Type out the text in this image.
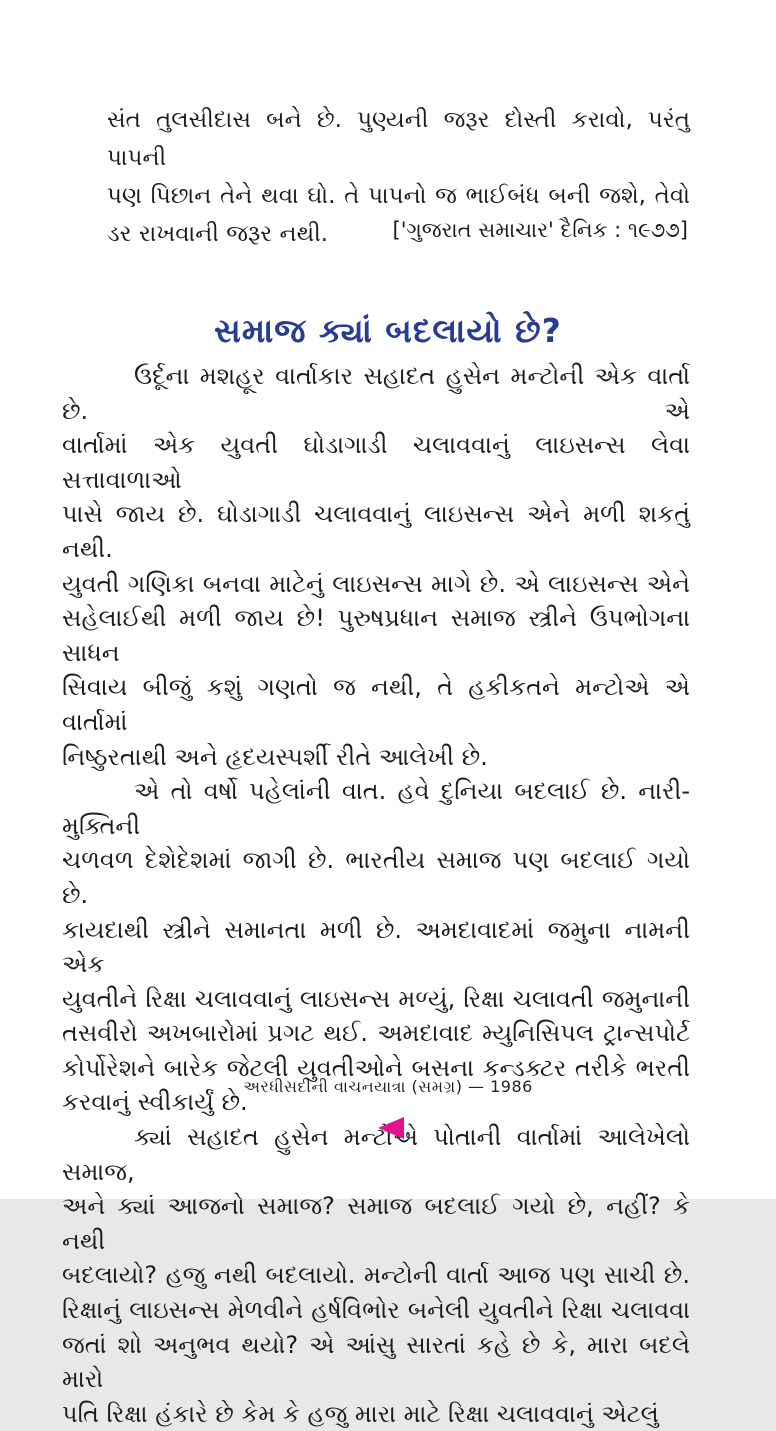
સંત તુલસીદાસ બને છે. પુણ્યની જરૂર દોસ્તી કરાવો, પરંતુ પાપની
પણ પિછાન તેને થવા ઘો. તે પાપનો જ ભાઈબંધ બની જશે, તેવો
ડર રાખવાની જરૂર નથી.	['ગુજરાત સમાચાર' દૈનિક : ૧૯૭૭]
સમાજ ક્યાં બદલાયો છે?
ઉર્દૂના મશહૂર વાર્તાકાર સહાદત હુસેન મન્ટોની એક વાર્તા છે. એ
વાર્તામાં એક યુવતી ઘોડાગાડી ચલાવવાનું લાઇસન્સ લેવા સત્તાવાળાઓ
પાસે જાય છે. ઘોડાગાડી ચલાવવાનું લાઇસન્સ એને મળી શકતું નથી.
યુવતી ગણિકા બનવા માટેનું લાઇસન્સ માગે છે. એ લાઇસન્સ એને
સહેલાઈથી મળી જાય છે! પુરુષપ્રધાન સમાજ સ્ત્રીને ઉપભોગના સાધન
સિવાય બીજું કશું ગણતો જ નથી, તે હકીકતને મન્ટોએ એ વાર્તામાં
નિષ્ઠુરતાથી અને હૃદયસ્પર્શી રીતે આલેખી છે.
એ તો વર્ષો પહેલાંની વાત. હવે દુનિયા બદલાઈ છે. નારી-મુક્તિની
ચળવળ દેશેદેશમાં જાગી છે. ભારતીય સમાજ પણ બદલાઈ ગયો છે.
કાયદાથી સ્ત્રીને સમાનતા મળી છે. અમદાવાદમાં જમુના નામની એક
યુવતીને રિક્ષા ચલાવવાનું લાઇસન્સ મળ્યું, રિક્ષા ચલાવતી જમુનાની
તસવીરો અખબારોમાં પ્રગટ થઈ. અમદાવાદ મ્યુનિસિપલ ટ્રાન્સપોર્ટ
કોર્પોરેશને બારેક જેટલી યુવતીઓને બસના કન્ડક્ટર તરીકે ભરતી
કરવાનું સ્વીકાર્યું છે.
ક્યાં સહાદત હુસેન મન્ટોએ પોતાની વાર્તામાં આલેખેલો સમાજ,
અને ક્યાં આજનો સમાજ? સમાજ બદલાઈ ગયો છે, નહીં? કે નથી
બદલાયો? હજુ નથી બદલાયો. મન્ટોની વાર્તા આજ પણ સાચી છે.
રિક્ષાનું લાઇસન્સ મેળવીને હર્ષવિભોર બનેલી યુવતીને રિક્ષા ચલાવવા
જતાં શો અનુભવ થયો? એ આંસુ સારતાં કહે છે કે, મારા બદલે મારો
પતિ રિક્ષા હંકારે છે કેમ કે હજુ મારા માટે રિક્ષા ચલાવવાનું એટલું
અરધીસદીની વાચનયાત્રા (સમગ્ર) — 1986
